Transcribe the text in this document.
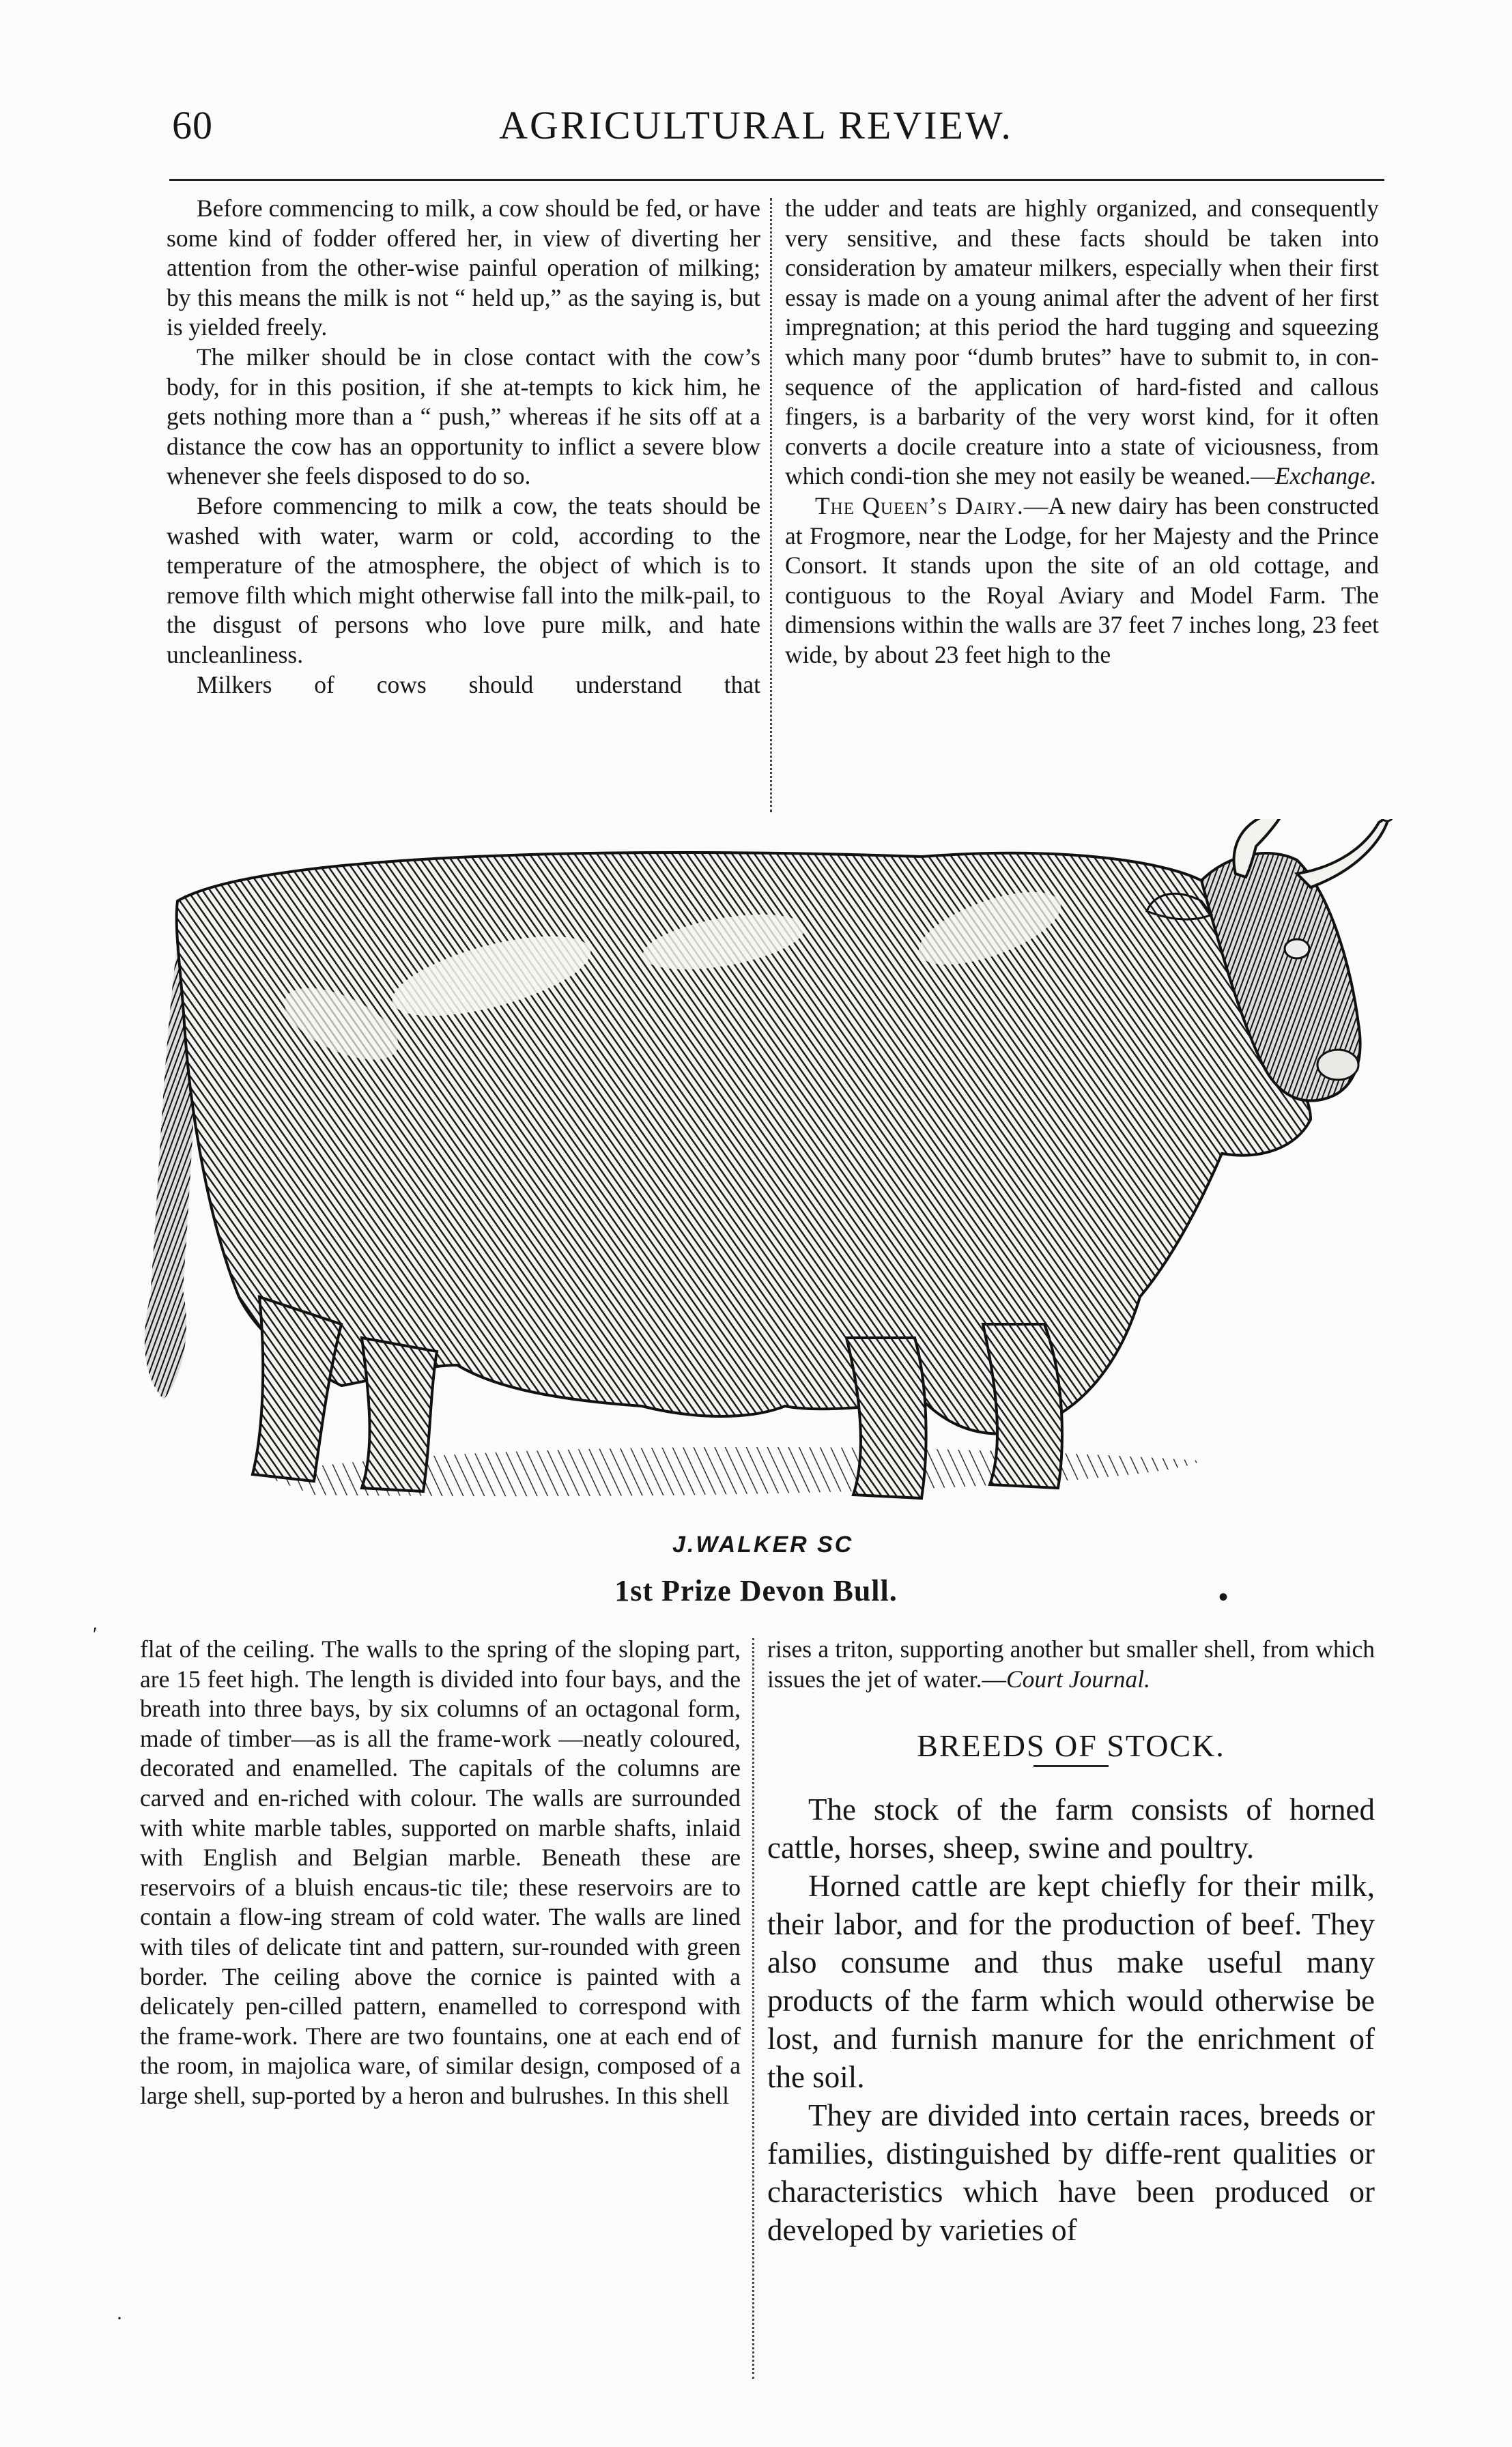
60	AGRICULTURAL REVIEW.

Before commencing to milk, a cow should be fed, or have some kind of fodder offered her, in view of diverting her attention from the other-wise painful operation of milking; by this means the milk is not “ held up,” as the saying is, but is yielded freely.

The milker should be in close contact with the cow’s body, for in this position, if she at-tempts to kick him, he gets nothing more than a “ push,” whereas if he sits off at a distance the cow has an opportunity to inflict a severe blow whenever she feels disposed to do so.

Before commencing to milk a cow, the teats should be washed with water, warm or cold, according to the temperature of the atmosphere, the object of which is to remove filth which might otherwise fall into the milk-pail, to the disgust of persons who love pure milk, and hate uncleanliness.

Milkers of cows should understand that

the udder and teats are highly organized, and consequently very sensitive, and these facts should be taken into consideration by amateur milkers, especially when their first essay is made on a young animal after the advent of her first impregnation; at this period the hard tugging and squeezing which many poor “dumb brutes” have to submit to, in con-sequence of the application of hard-fisted and callous fingers, is a barbarity of the very worst kind, for it often converts a docile creature into a state of viciousness, from which condi-tion she mey not easily be weaned.—Exchange.

The Queen’s Dairy.—A new dairy has been constructed at Frogmore, near the Lodge, for her Majesty and the Prince Consort. It stands upon the site of an old cottage, and contiguous to the Royal Aviary and Model Farm. The dimensions within the walls are 37 feet 7 inches long, 23 feet wide, by about 23 feet high to the

J.WALKER SC
1st Prize Devon Bull.	•
ʹ

flat of the ceiling. The walls to the spring of the sloping part, are 15 feet high. The length is divided into four bays, and the breath into three bays, by six columns of an octagonal form, made of timber—as is all the frame-work —neatly coloured, decorated and enamelled. The capitals of the columns are carved and en-riched with colour. The walls are surrounded with white marble tables, supported on marble shafts, inlaid with English and Belgian marble. Beneath these are reservoirs of a bluish encaus-tic tile; these reservoirs are to contain a flow-ing stream of cold water. The walls are lined with tiles of delicate tint and pattern, sur-rounded with green border. The ceiling above the cornice is painted with a delicately pen-cilled pattern, enamelled to correspond with the frame-work. There are two fountains, one at each end of the room, in majolica ware, of similar design, composed of a large shell, sup-ported by a heron and bulrushes. In this shell

rises a triton, supporting another but smaller shell, from which issues the jet of water.—Court Journal.

BREEDS OF STOCK.

The stock of the farm consists of horned cattle, horses, sheep, swine and poultry.

Horned cattle are kept chiefly for their milk, their labor, and for the production of beef. They also consume and thus make useful many products of the farm which would otherwise be lost, and furnish manure for the enrichment of the soil.

They are divided into certain races, breeds or families, distinguished by diffe-rent qualities or characteristics which have been produced or developed by varieties of

·
